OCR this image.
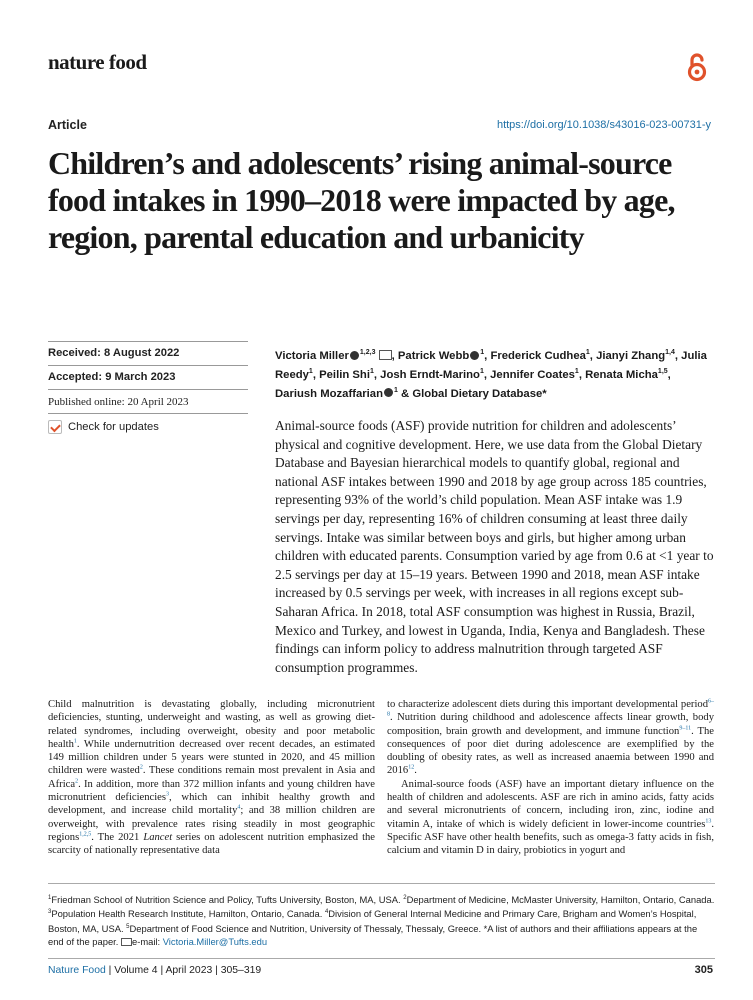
nature food
Article	https://doi.org/10.1038/s43016-023-00731-y
Children’s and adolescents’ rising animal-source food intakes in 1990–2018 were impacted by age, region, parental education and urbanicity
Received: 8 August 2022
Accepted: 9 March 2023
Published online: 20 April 2023
Check for updates

Victoria Miller $^{1,2,3}$ , Patrick Webb $^1$, Frederick Cudhea$^1$, Jianyi Zhang$^{1,4}$, Julia Reedy$^1$, Peilin Shi$^1$, Josh Erndt-Marino$^1$, Jennifer Coates$^1$, Renata Micha$^{1,5}$, Dariush Mozaffarian $^1$ & Global Dietary Database*

Animal-source foods (ASF) provide nutrition for children and adolescents’ physical and cognitive development. Here, we use data from the Global Dietary Database and Bayesian hierarchical models to quantify global, regional and national ASF intakes between 1990 and 2018 by age group across 185 countries, representing 93% of the world’s child population. Mean ASF intake was 1.9 servings per day, representing 16% of children consuming at least three daily servings. Intake was similar between boys and girls, but higher among urban children with educated parents. Consumption varied by age from 0.6 at <1 year to 2.5 servings per day at 15–19 years. Between 1990 and 2018, mean ASF intake increased by 0.5 servings per week, with increases in all regions except sub-Saharan Africa. In 2018, total ASF consumption was highest in Russia, Brazil, Mexico and Turkey, and lowest in Uganda, India, Kenya and Bangladesh. These findings can inform policy to address malnutrition through targeted ASF consumption programmes.

Child malnutrition is devastating globally, including micronutrient deficiencies, stunting, underweight and wasting, as well as growing diet-related syndromes, including overweight, obesity and poor metabolic health$^1$. While undernutrition decreased over recent decades, an estimated 149 million children under 5 years were stunted in 2020, and 45 million children were wasted$^2$. These conditions remain most prevalent in Asia and Africa$^2$. In addition, more than 372 million infants and young children have micronutrient deficiencies$^3$, which can inhibit healthy growth and development, and increase child mortality$^4$; and 38 million children are overweight, with prevalence rates rising steadily in most geographic regions$^{1,2,5}$. The 2021 Lancet series on adolescent nutrition emphasized the scarcity of nationally representative data

to characterize adolescent diets during this important developmental period$^{6-8}$. Nutrition during childhood and adolescence affects linear growth, body composition, brain growth and development, and immune function$^{9-11}$. The consequences of poor diet during adolescence are exemplified by the doubling of obesity rates, as well as increased anaemia between 1990 and 2016$^{12}$.

Animal-source foods (ASF) have an important dietary influence on the health of children and adolescents. ASF are rich in amino acids, fatty acids and several micronutrients of concern, including iron, zinc, iodine and vitamin A, intake of which is widely deficient in lower-income countries$^{13}$. Specific ASF have other health benefits, such as omega-3 fatty acids in fish, calcium and vitamin D in dairy, probiotics in yogurt and

$^1$Friedman School of Nutrition Science and Policy, Tufts University, Boston, MA, USA. $^2$Department of Medicine, McMaster University, Hamilton, Ontario, Canada. $^3$Population Health Research Institute, Hamilton, Ontario, Canada. $^4$Division of General Internal Medicine and Primary Care, Brigham and Women’s Hospital, Boston, MA, USA. $^5$Department of Food Science and Nutrition, University of Thessaly, Thessaly, Greece. *A list of authors and their affiliations appears at the end of the paper. e-mail: Victoria.Miller@Tufts.edu

Nature Food | Volume 4 | April 2023 | 305–319	305
